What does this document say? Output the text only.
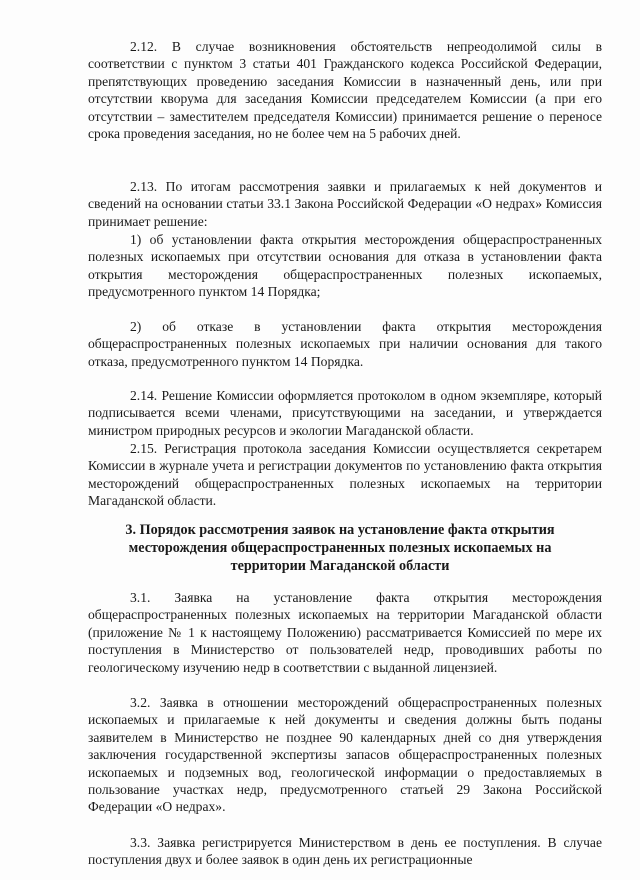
2.12. В случае возникновения обстоятельств непреодолимой силы в соответствии с пунктом 3 статьи 401 Гражданского кодекса Российской Федерации, препятствующих проведению заседания Комиссии в назначенный день, или при отсутствии кворума для заседания Комиссии председателем Комиссии (а при его отсутствии – заместителем председателя Комиссии) принимается решение о переносе срока проведения заседания, но не более чем на 5 рабочих дней.
2.13. По итогам рассмотрения заявки и прилагаемых к ней документов и сведений на основании статьи 33.1 Закона Российской Федерации «О недрах» Комиссия принимает решение:
1) об установлении факта открытия месторождения общераспространенных полезных ископаемых при отсутствии основания для отказа в установлении факта открытия месторождения общераспространенных полезных ископаемых, предусмотренного пунктом 14 Порядка;
2) об отказе в установлении факта открытия месторождения общераспространенных полезных ископаемых при наличии основания для такого отказа, предусмотренного пунктом 14 Порядка.
2.14. Решение Комиссии оформляется протоколом в одном экземпляре, который подписывается всеми членами, присутствующими на заседании, и утверждается министром природных ресурсов и экологии Магаданской области.
2.15. Регистрация протокола заседания Комиссии осуществляется секретарем Комиссии в журнале учета и регистрации документов по установлению факта открытия месторождений общераспространенных полезных ископаемых на территории Магаданской области.
3. Порядок рассмотрения заявок на установление факта открытия месторождения общераспространенных полезных ископаемых на территории Магаданской области
3.1. Заявка на установление факта открытия месторождения общераспространенных полезных ископаемых на территории Магаданской области (приложение № 1 к настоящему Положению) рассматривается Комиссией по мере их поступления в Министерство от пользователей недр, проводивших работы по геологическому изучению недр в соответствии с выданной лицензией.
3.2. Заявка в отношении месторождений общераспространенных полезных ископаемых и прилагаемые к ней документы и сведения должны быть поданы заявителем в Министерство не позднее 90 календарных дней со дня утверждения заключения государственной экспертизы запасов общераспространенных полезных ископаемых и подземных вод, геологической информации о предоставляемых в пользование участках недр, предусмотренного статьей 29 Закона Российской Федерации «О недрах».
3.3. Заявка регистрируется Министерством в день ее поступления. В случае поступления двух и более заявок в один день их регистрационные
